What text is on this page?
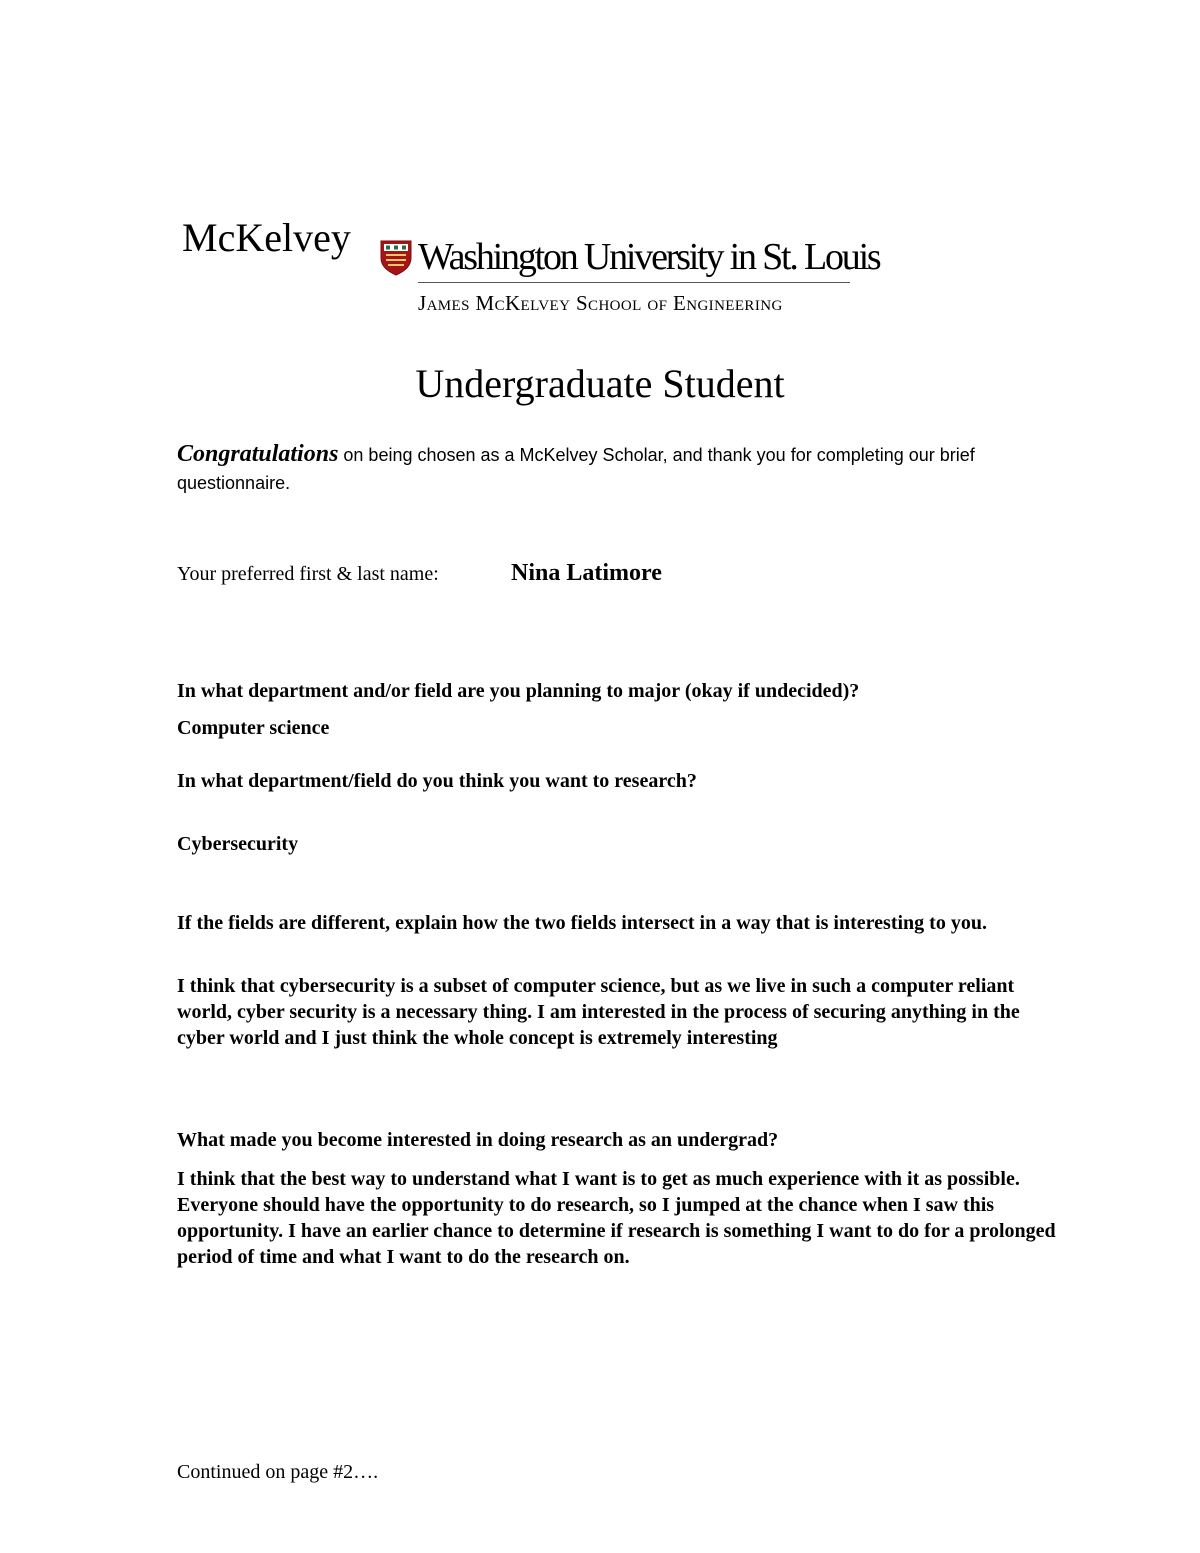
McKelvey Washington University in St. Louis
James McKelvey School of Engineering
Undergraduate Student
Congratulations on being chosen as a McKelvey Scholar, and thank you for completing our brief questionnaire.
Your preferred first & last name:	Nina Latimore
In what department and/or field are you planning to major (okay if undecided)?
Computer science
In what department/field do you think you want to research?
Cybersecurity
If the fields are different, explain how the two fields intersect in a way that is interesting to you.
I think that cybersecurity is a subset of computer science, but as we live in such a computer reliant world, cyber security is a necessary thing. I am interested in the process of securing anything in the cyber world and I just think the whole concept is extremely interesting
What made you become interested in doing research as an undergrad?
I think that the best way to understand what I want is to get as much experience with it as possible. Everyone should have the opportunity to do research, so I jumped at the chance when I saw this opportunity. I have an earlier chance to determine if research is something I want to do for a prolonged period of time and what I want to do the research on.
Continued on page #2….
